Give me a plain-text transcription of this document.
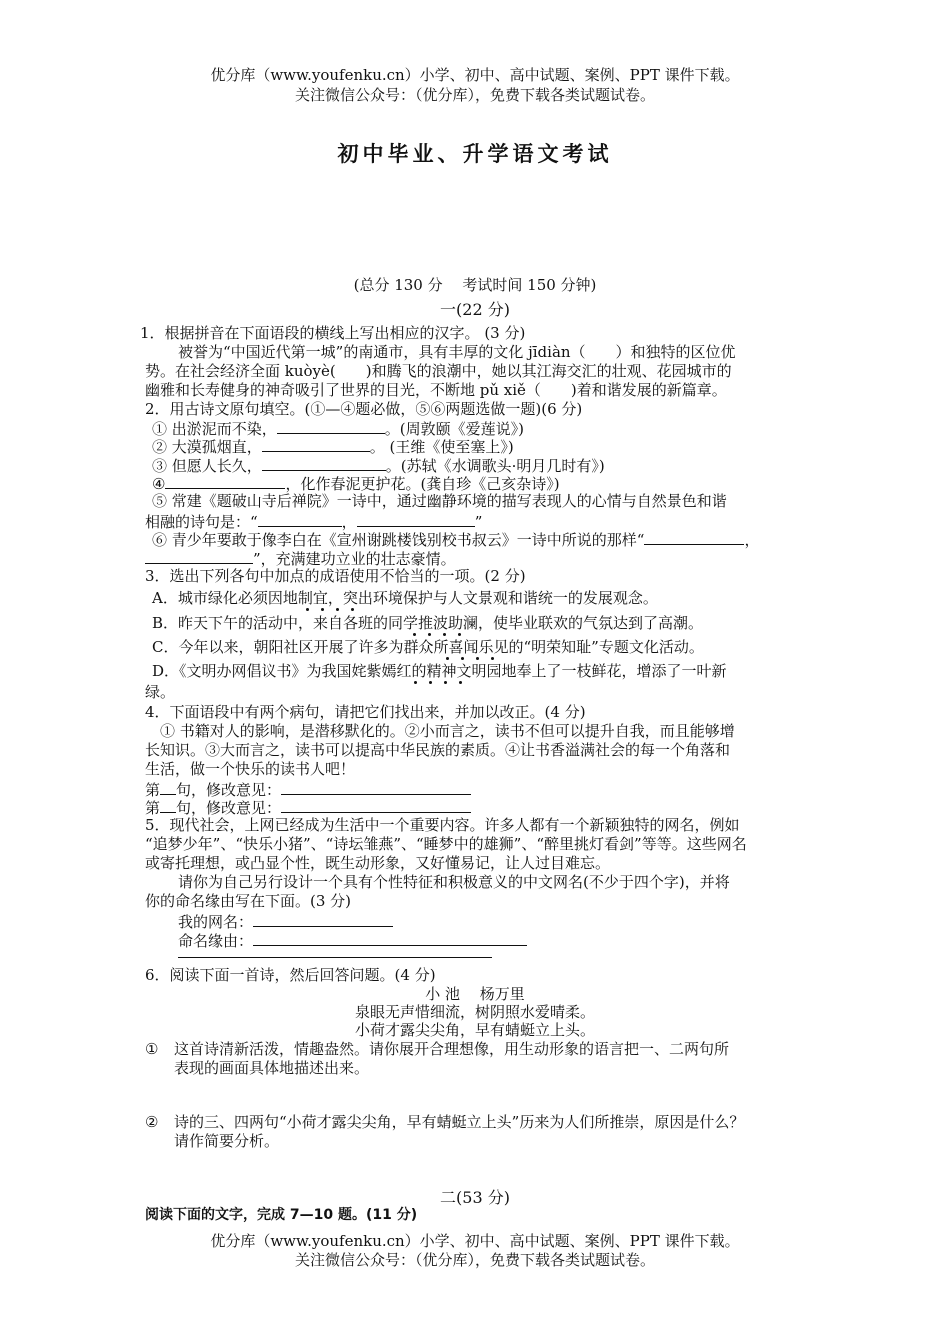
优分库（www.youfenku.cn）小学、初中、高中试题、案例、PPT 课件下载。
关注微信公众号：（优分库），免费下载各类试题试卷。
初中毕业、升学语文考试
(总分 130 分　 考试时间 150 分钟)
一(22 分)
1．根据拼音在下面语段的横线上写出相应的汉字。 (3 分)
被誉为“中国近代第一城”的南通市，具有丰厚的文化 jīdiàn（　　）和独特的区位优
势。在社会经济全面 kuòyè(　　)和腾飞的浪潮中，她以其江海交汇的壮观、花园城市的
幽雅和长寿健身的神奇吸引了世界的目光，不断地 pǔ xiě（　　)着和谐发展的新篇章。
2．用古诗文原句填空。(①—④题必做，⑤⑥两题选做一题)(6 分)
① 出淤泥而不染，	。(周敦颐《爱莲说》)
② 大漠孤烟直，	。 (王维《使至塞上》)
③ 但愿人长久，	。(苏轼《水调歌头·明月几时有》)
④	，化作春泥更护花。(龚自珍《己亥杂诗》)
⑤ 常建《题破山寺后禅院》一诗中，通过幽静环境的描写表现人的心情与自然景色和谐
相融的诗句是：“	，	”
⑥ 青少年要敢于像李白在《宣州谢跳楼饯别校书叔云》一诗中所说的那样“	，
”，充满建功立业的壮志豪情。
3．选出下列各句中加点的成语使用不恰当的一项。(2 分)
A．城市绿化必须因地制宜，突出环境保护与人文景观和谐统一的发展观念。
B．昨天下午的活动中，来自各班的同学推波助澜，使毕业联欢的气氛达到了高潮。
C．今年以来，朝阳社区开展了许多为群众所喜闻乐见的“明荣知耻”专题文化活动。
D．《文明办网倡议书》为我国姹紫嫣红的精神文明园地奉上了一枝鲜花，增添了一叶新
绿。
4．下面语段中有两个病句，请把它们找出来，并加以改正。(4 分)
① 书籍对人的影响，是潜移默化的。②小而言之，读书不但可以提升自我，而且能够增
长知识。③大而言之，读书可以提高中华民族的素质。④让书香溢满社会的每一个角落和
生活，做一个快乐的读书人吧！
第 句，修改意见：
第 句，修改意见：
5．现代社会，上网已经成为生活中一个重要内容。许多人都有一个新颖独特的网名，例如
“追梦少年”、“快乐小猪”、“诗坛雏燕”、“睡梦中的雄狮”、“醉里挑灯看剑”等等。这些网名
或寄托理想，或凸显个性，既生动形象，又好懂易记，让人过目难忘。
请你为自己另行设计一个具有个性特征和积极意义的中文网名(不少于四个字)，并将
你的命名缘由写在下面。(3 分)
我的网名：
命名缘由：
6．阅读下面一首诗，然后回答问题。(4 分)
小 池　 杨万里
泉眼无声惜细流，树阴照水爱晴柔。
小荷才露尖尖角，早有蜻蜓立上头。
① 这首诗清新活泼，情趣盎然。请你展开合理想像，用生动形象的语言把一、二两句所
表现的画面具体地描述出来。
② 诗的三、四两句“小荷才露尖尖角，早有蜻蜓立上头”历来为人们所推崇，原因是什么？
请作简要分析。
二(53 分)
阅读下面的文字，完成 7—10 题。(11 分)
优分库（www.youfenku.cn）小学、初中、高中试题、案例、PPT 课件下载。
关注微信公众号：（优分库），免费下载各类试题试卷。
